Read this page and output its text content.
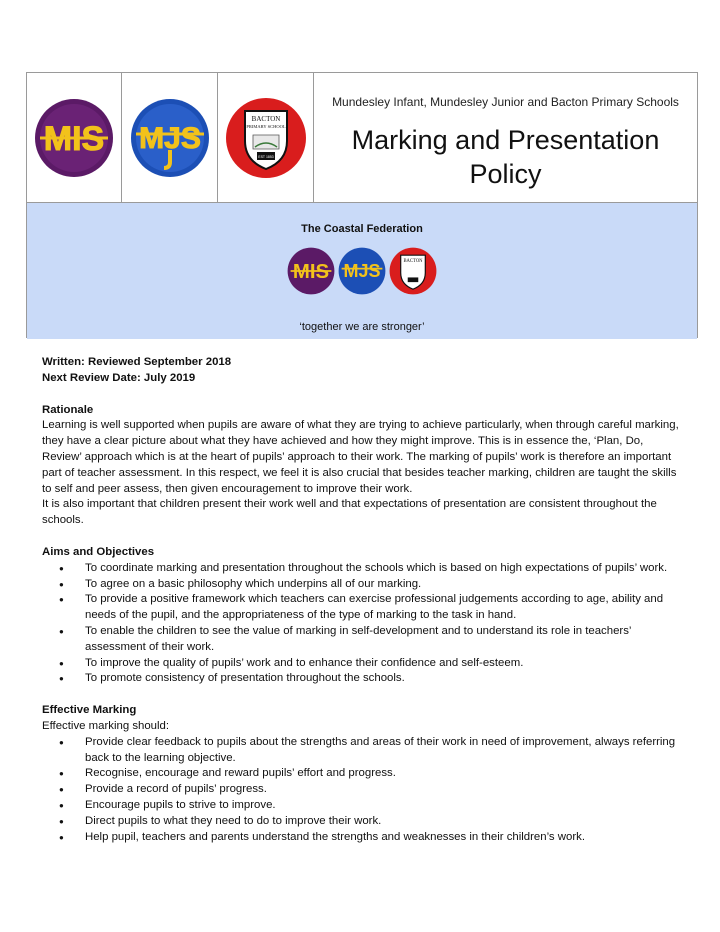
MIS MJS
BACTON
PRIMARY SCHOOL
EST 1853
Mundesley Infant, Mundesley Junior and Bacton Primary Schools
Marking and Presentation
Policy
The Coastal Federation
MIS MJS	BACTON
‘together we are stronger’

Written: Reviewed September 2018

Next Review Date: July 2019

Rationale

Learning is well supported when pupils are aware of what they are trying to achieve particularly, when through careful marking, they have a clear picture about what they have achieved and how they might improve. This is in essence the, ‘Plan, Do, Review’ approach which is at the heart of pupils’ approach to their work. The marking of pupils’ work is therefore an important part of teacher assessment. In this respect, we feel it is also crucial that besides teacher marking, children are taught the skills to self and peer assess, then given encouragement to improve their work.

It is also important that children present their work well and that expectations of presentation are consistent throughout the schools.

Aims and Objectives

● To coordinate marking and presentation throughout the schools which is based on high expectations of pupils’ work.
● To agree on a basic philosophy which underpins all of our marking.
● To provide a positive framework which teachers can exercise professional judgements according to age, ability and needs of the pupil, and the appropriateness of the type of marking to the task in hand.
● To enable the children to see the value of marking in self-development and to understand its role in teachers’ assessment of their work.
● To improve the quality of pupils’ work and to enhance their confidence and self-esteem.
● To promote consistency of presentation throughout the schools.

Effective Marking

Effective marking should:

● Provide clear feedback to pupils about the strengths and areas of their work in need of improvement, always referring back to the learning objective.
● Recognise, encourage and reward pupils’ effort and progress.
● Provide a record of pupils’ progress.
● Encourage pupils to strive to improve.
● Direct pupils to what they need to do to improve their work.
● Help pupil, teachers and parents understand the strengths and weaknesses in their children’s work.
